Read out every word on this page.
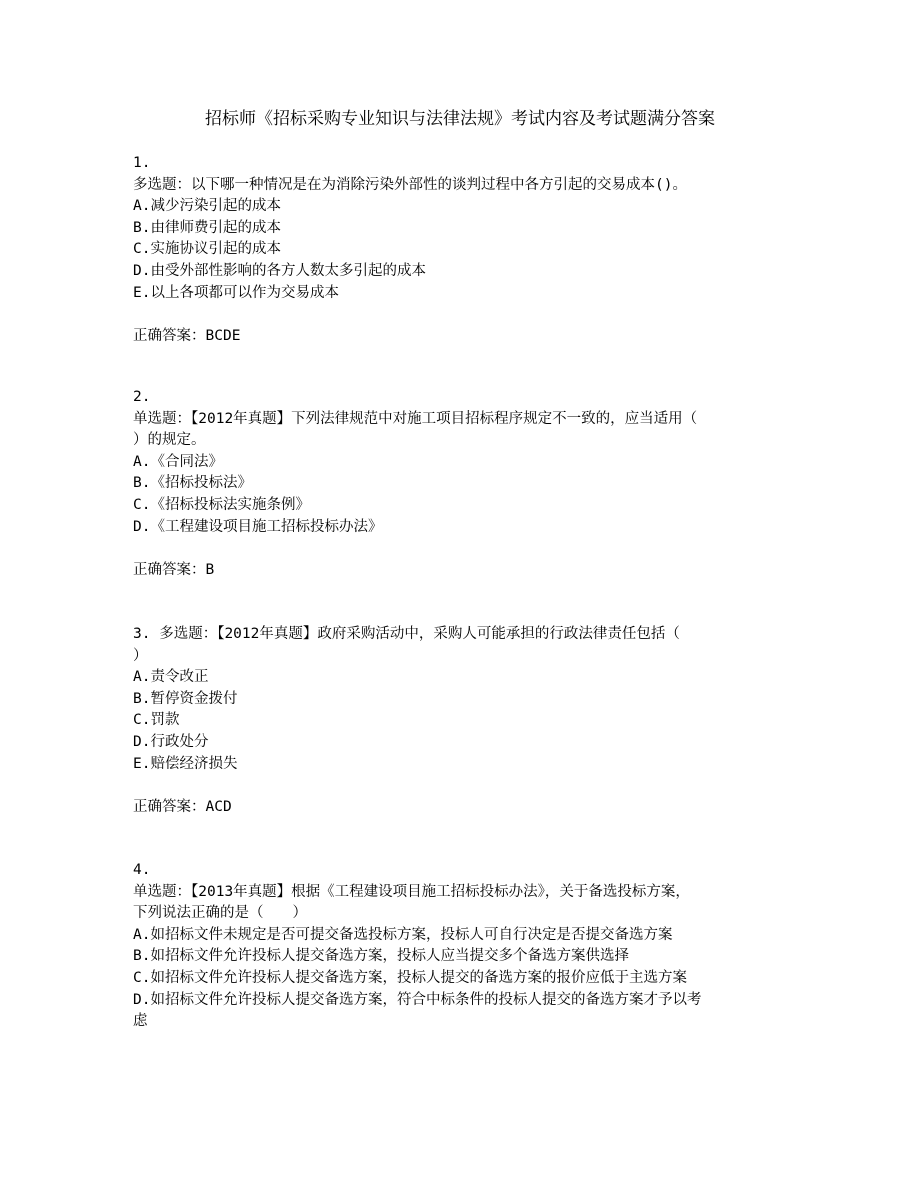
招标师《招标采购专业知识与法律法规》考试内容及考试题满分答案
1.
多选题：以下哪一种情况是在为消除污染外部性的谈判过程中各方引起的交易成本()。
A.减少污染引起的成本
B.由律师费引起的成本
C.实施协议引起的成本
D.由受外部性影响的各方人数太多引起的成本
E.以上各项都可以作为交易成本
正确答案：BCDE
2.
单选题：【2012年真题】下列法律规范中对施工项目招标程序规定不一致的，应当适用（
）的规定。
A.《合同法》
B.《招标投标法》
C.《招标投标法实施条例》
D.《工程建设项目施工招标投标办法》
正确答案：B
3. 多选题：【2012年真题】政府采购活动中，采购人可能承担的行政法律责任包括（
）
A.责令改正
B.暂停资金拨付
C.罚款
D.行政处分
E.赔偿经济损失
正确答案：ACD
4.
单选题：【2013年真题】根据《工程建设项目施工招标投标办法》，关于备选投标方案，
下列说法正确的是（　　）
A.如招标文件未规定是否可提交备选投标方案，投标人可自行决定是否提交备选方案
B.如招标文件允许投标人提交备选方案，投标人应当提交多个备选方案供选择
C.如招标文件允许投标人提交备选方案，投标人提交的备选方案的报价应低于主选方案
D.如招标文件允许投标人提交备选方案，符合中标条件的投标人提交的备选方案才予以考
虑
